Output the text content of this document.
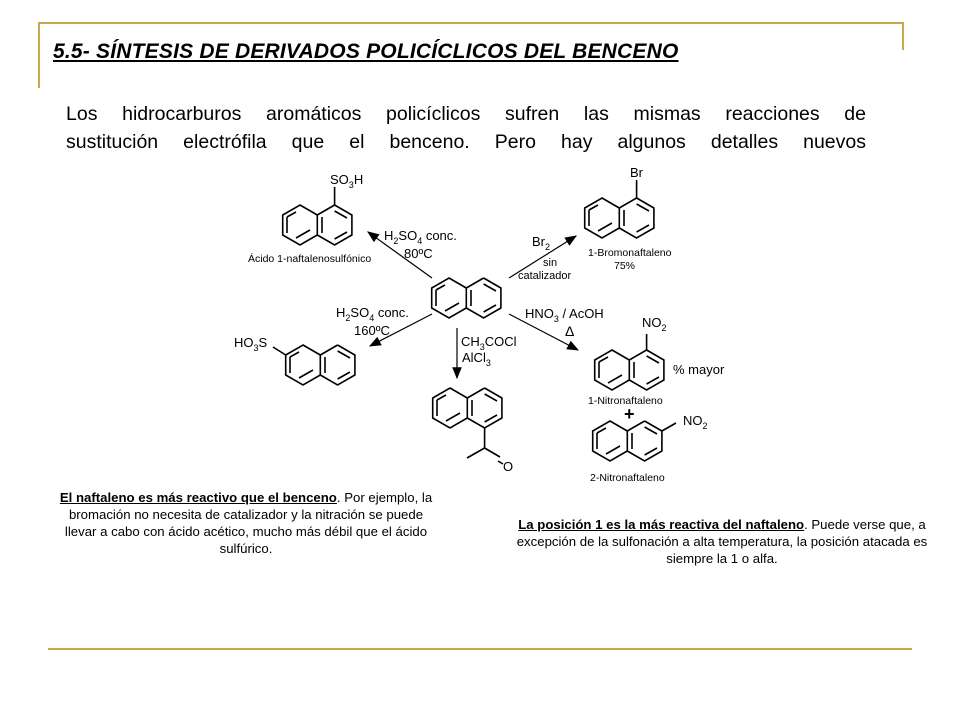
5.5- SÍNTESIS DE DERIVADOS POLICÍCLICOS DEL BENCENO
Los hidrocarburos aromáticos policíclicos sufren las mismas reacciones de
sustitución electrófila que el benceno. Pero hay algunos detalles nuevos
$SO_3H$
Ácido 1-naftalenosulfónico
$H_2SO_4$ conc.
80ºC
Br
1-Bromonaftaleno
75%
$Br_2$
sin
catalizador
$H_2SO_4$ conc.
160ºC
$HO_3S$	$CH_3COCl$
AlCl$_3$
O
$HNO_3$ / AcOH
Δ
$NO_2$
% mayor
1-Nitronaftaleno
+	$NO_2$
2-Nitronaftaleno
El naftaleno es más reactivo que el benceno. Por ejemplo, la bromación no necesita de catalizador y la nitración se puede llevar a cabo con ácido acético, mucho más débil que el ácido sulfúrico.
La posición 1 es la más reactiva del naftaleno. Puede verse que, a excepción de la sulfonación a alta temperatura, la posición atacada es siempre la 1 o alfa.
